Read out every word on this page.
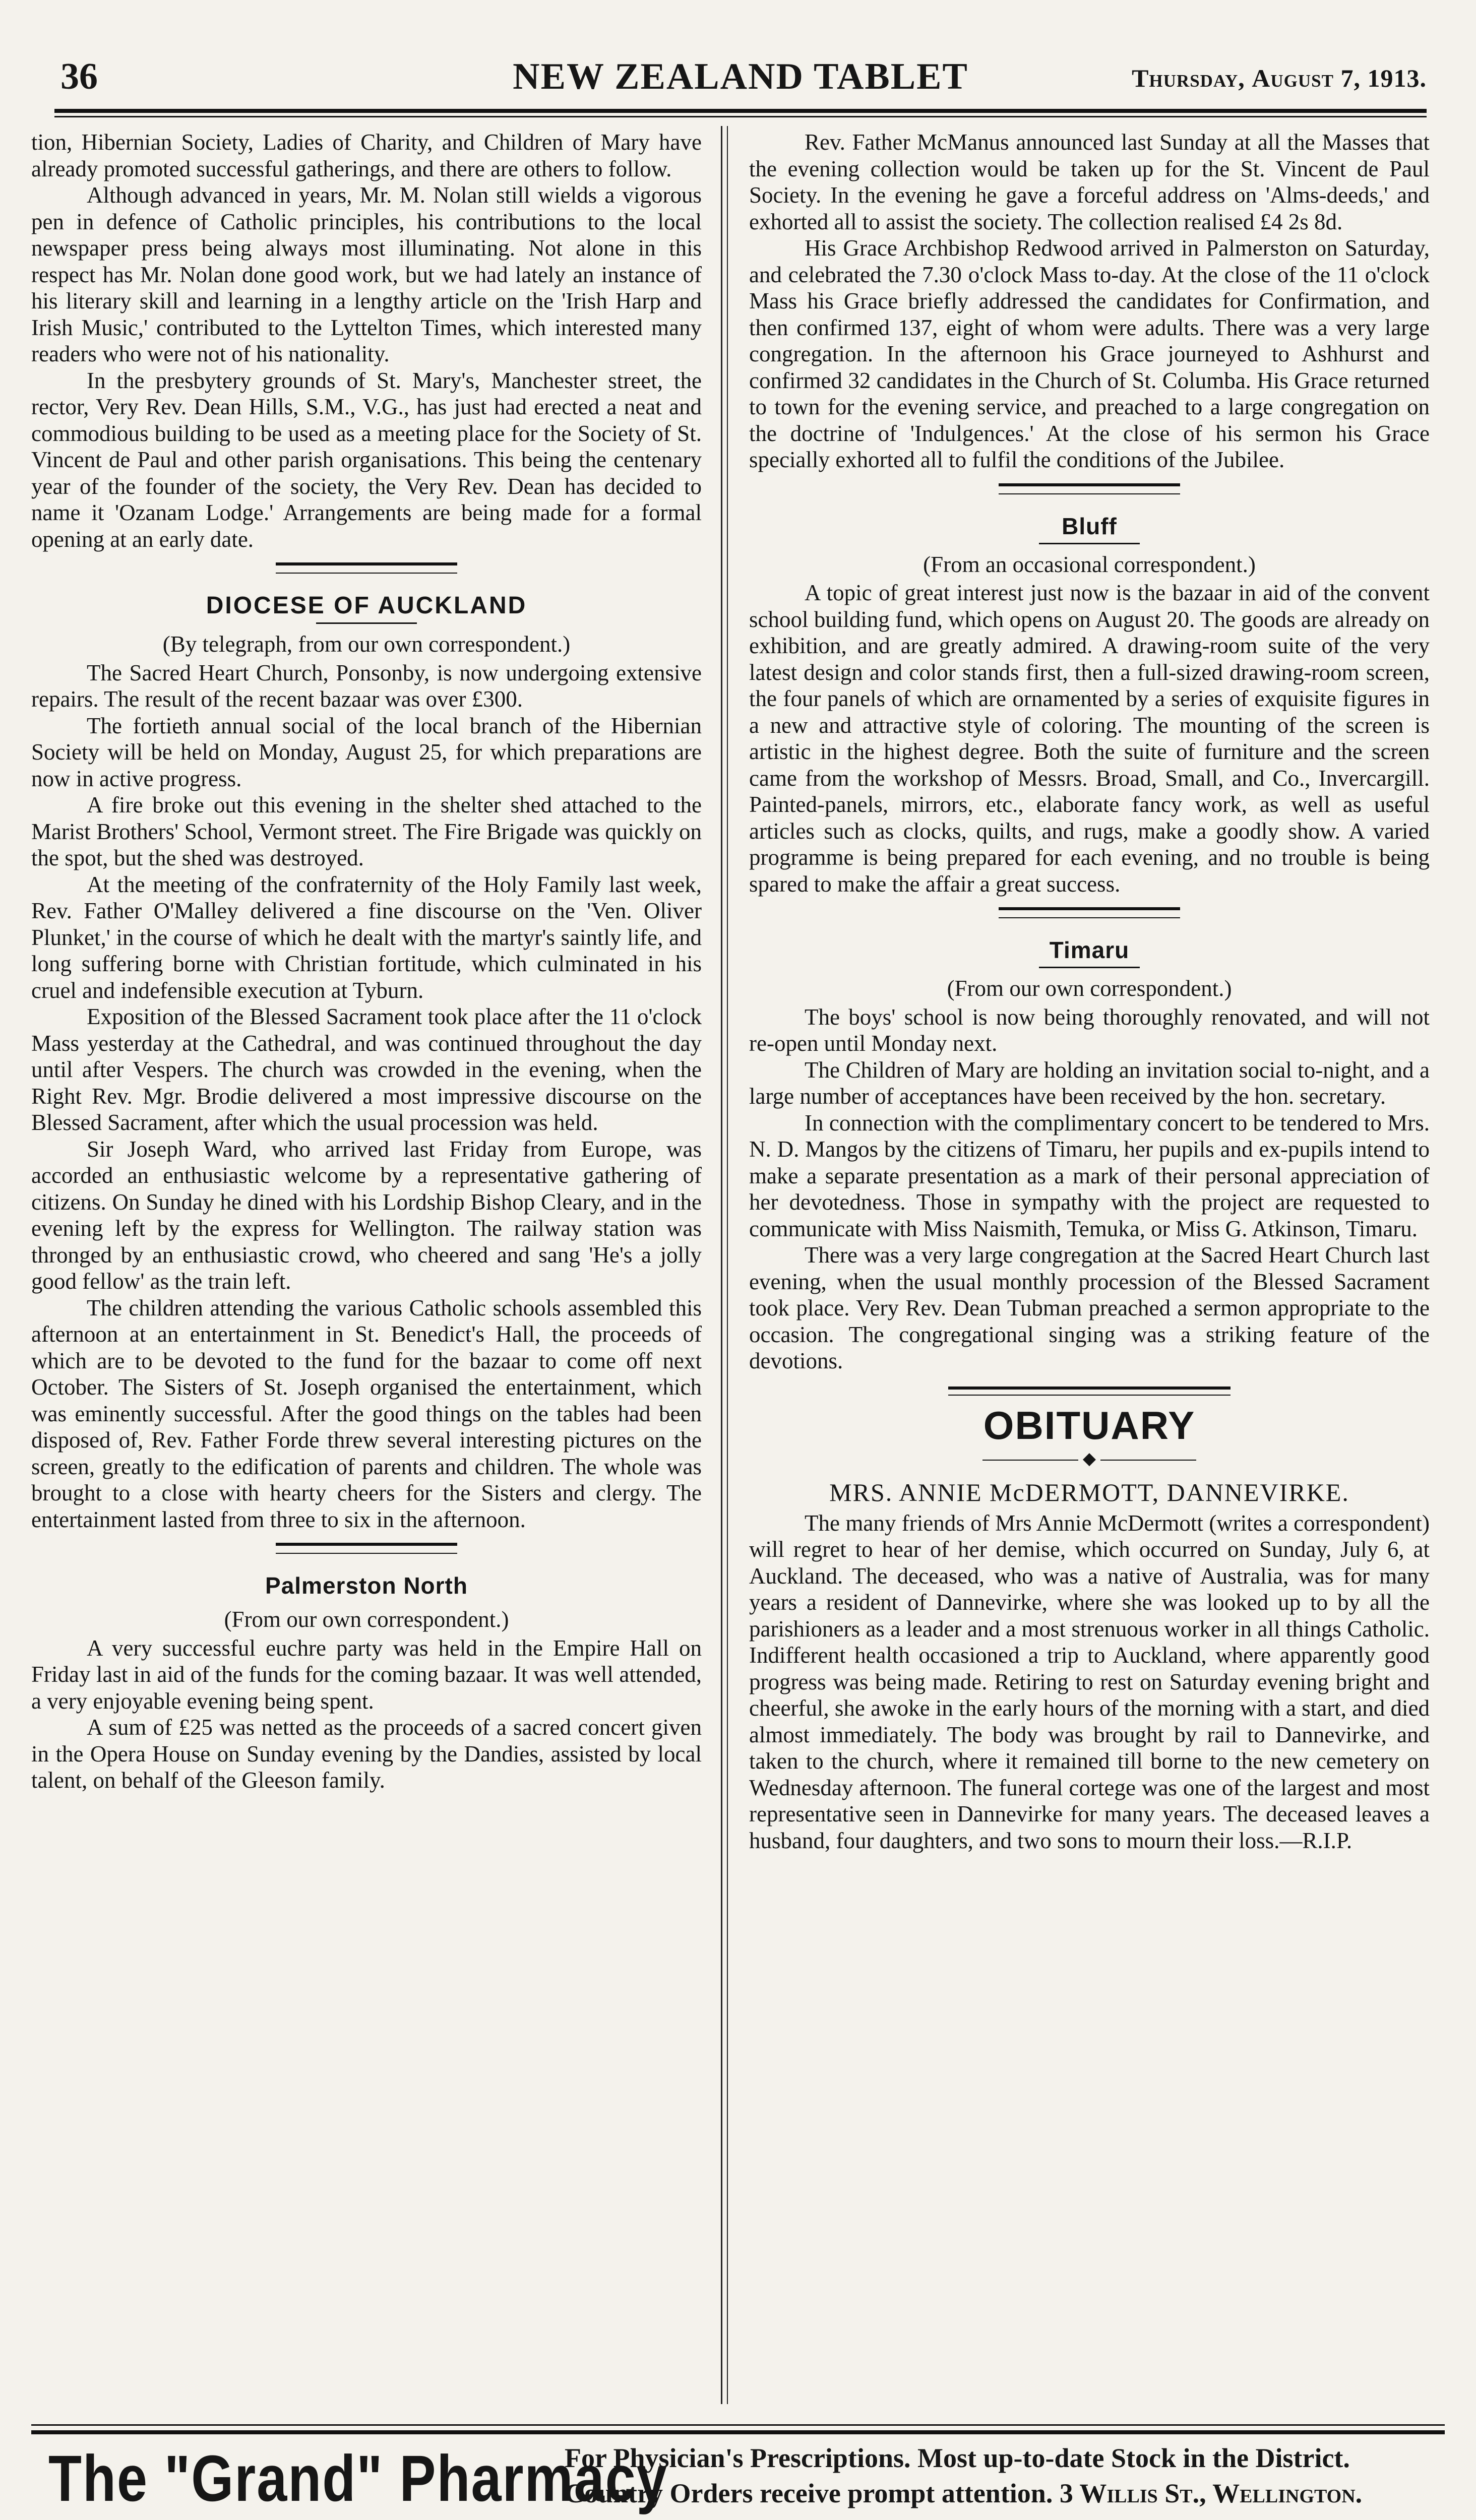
36	NEW ZEALAND TABLET	Thursday, August 7, 1913.

tion, Hibernian Society, Ladies of Charity, and Children of Mary have already promoted successful gatherings, and there are others to follow.

Although advanced in years, Mr. M. Nolan still wields a vigorous pen in defence of Catholic principles, his contributions to the local newspaper press being always most illuminating. Not alone in this respect has Mr. Nolan done good work, but we had lately an instance of his literary skill and learning in a lengthy article on the 'Irish Harp and Irish Music,' contributed to the Lyttelton Times, which interested many readers who were not of his nationality.

In the presbytery grounds of St. Mary's, Manchester street, the rector, Very Rev. Dean Hills, S.M., V.G., has just had erected a neat and commodious building to be used as a meeting place for the Society of St. Vincent de Paul and other parish organisations. This being the centenary year of the founder of the society, the Very Rev. Dean has decided to name it 'Ozanam Lodge.' Arrangements are being made for a formal opening at an early date.

DIOCESE OF AUCKLAND

(By telegraph, from our own correspondent.)

The Sacred Heart Church, Ponsonby, is now undergoing extensive repairs. The result of the recent bazaar was over £300.

The fortieth annual social of the local branch of the Hibernian Society will be held on Monday, August 25, for which preparations are now in active progress.

A fire broke out this evening in the shelter shed attached to the Marist Brothers' School, Vermont street. The Fire Brigade was quickly on the spot, but the shed was destroyed.

At the meeting of the confraternity of the Holy Family last week, Rev. Father O'Malley delivered a fine discourse on the 'Ven. Oliver Plunket,' in the course of which he dealt with the martyr's saintly life, and long suffering borne with Christian fortitude, which culminated in his cruel and indefensible execution at Tyburn.

Exposition of the Blessed Sacrament took place after the 11 o'clock Mass yesterday at the Cathedral, and was continued throughout the day until after Vespers. The church was crowded in the evening, when the Right Rev. Mgr. Brodie delivered a most impressive discourse on the Blessed Sacrament, after which the usual procession was held.

Sir Joseph Ward, who arrived last Friday from Europe, was accorded an enthusiastic welcome by a representative gathering of citizens. On Sunday he dined with his Lordship Bishop Cleary, and in the evening left by the express for Wellington. The railway station was thronged by an enthusiastic crowd, who cheered and sang 'He's a jolly good fellow' as the train left.

The children attending the various Catholic schools assembled this afternoon at an entertainment in St. Benedict's Hall, the proceeds of which are to be devoted to the fund for the bazaar to come off next October. The Sisters of St. Joseph organised the entertainment, which was eminently successful. After the good things on the tables had been disposed of, Rev. Father Forde threw several interesting pictures on the screen, greatly to the edification of parents and children. The whole was brought to a close with hearty cheers for the Sisters and clergy. The entertainment lasted from three to six in the afternoon.

Palmerston North

(From our own correspondent.)

A very successful euchre party was held in the Empire Hall on Friday last in aid of the funds for the coming bazaar. It was well attended, a very enjoyable evening being spent.

A sum of £25 was netted as the proceeds of a sacred concert given in the Opera House on Sunday evening by the Dandies, assisted by local talent, on behalf of the Gleeson family.

Rev. Father McManus announced last Sunday at all the Masses that the evening collection would be taken up for the St. Vincent de Paul Society. In the evening he gave a forceful address on 'Alms-deeds,' and exhorted all to assist the society. The collection realised £4 2s 8d.

His Grace Archbishop Redwood arrived in Palmerston on Saturday, and celebrated the 7.30 o'clock Mass to-day. At the close of the 11 o'clock Mass his Grace briefly addressed the candidates for Confirmation, and then confirmed 137, eight of whom were adults. There was a very large congregation. In the afternoon his Grace journeyed to Ashhurst and confirmed 32 candidates in the Church of St. Columba. His Grace returned to town for the evening service, and preached to a large congregation on the doctrine of 'Indulgences.' At the close of his sermon his Grace specially exhorted all to fulfil the conditions of the Jubilee.

Bluff

(From an occasional correspondent.)

A topic of great interest just now is the bazaar in aid of the convent school building fund, which opens on August 20. The goods are already on exhibition, and are greatly admired. A drawing-room suite of the very latest design and color stands first, then a full-sized drawing-room screen, the four panels of which are ornamented by a series of exquisite figures in a new and attractive style of coloring. The mounting of the screen is artistic in the highest degree. Both the suite of furniture and the screen came from the workshop of Messrs. Broad, Small, and Co., Invercargill. Painted-panels, mirrors, etc., elaborate fancy work, as well as useful articles such as clocks, quilts, and rugs, make a goodly show. A varied programme is being prepared for each evening, and no trouble is being spared to make the affair a great success.

Timaru

(From our own correspondent.)

The boys' school is now being thoroughly renovated, and will not re-open until Monday next.

The Children of Mary are holding an invitation social to-night, and a large number of acceptances have been received by the hon. secretary.

In connection with the complimentary concert to be tendered to Mrs. N. D. Mangos by the citizens of Timaru, her pupils and ex-pupils intend to make a separate presentation as a mark of their personal appreciation of her devotedness. Those in sympathy with the project are requested to communicate with Miss Naismith, Temuka, or Miss G. Atkinson, Timaru.

There was a very large congregation at the Sacred Heart Church last evening, when the usual monthly procession of the Blessed Sacrament took place. Very Rev. Dean Tubman preached a sermon appropriate to the occasion. The congregational singing was a striking feature of the devotions.

OBITUARY
◆
MRS. ANNIE McDERMOTT, DANNEVIRKE.

The many friends of Mrs Annie McDermott (writes a correspondent) will regret to hear of her demise, which occurred on Sunday, July 6, at Auckland. The deceased, who was a native of Australia, was for many years a resident of Dannevirke, where she was looked up to by all the parishioners as a leader and a most strenuous worker in all things Catholic. Indifferent health occasioned a trip to Auckland, where apparently good progress was being made. Retiring to rest on Saturday evening bright and cheerful, she awoke in the early hours of the morning with a start, and died almost immediately. The body was brought by rail to Dannevirke, and taken to the church, where it remained till borne to the new cemetery on Wednesday afternoon. The funeral cortege was one of the largest and most representative seen in Dannevirke for many years. The deceased leaves a husband, four daughters, and two sons to mourn their loss.—R.I.P.

The "Grand" Pharmacy
For Physician's Prescriptions. Most up-to-date Stock in the District.
Country Orders receive prompt attention. 3 Willis St., Wellington.
